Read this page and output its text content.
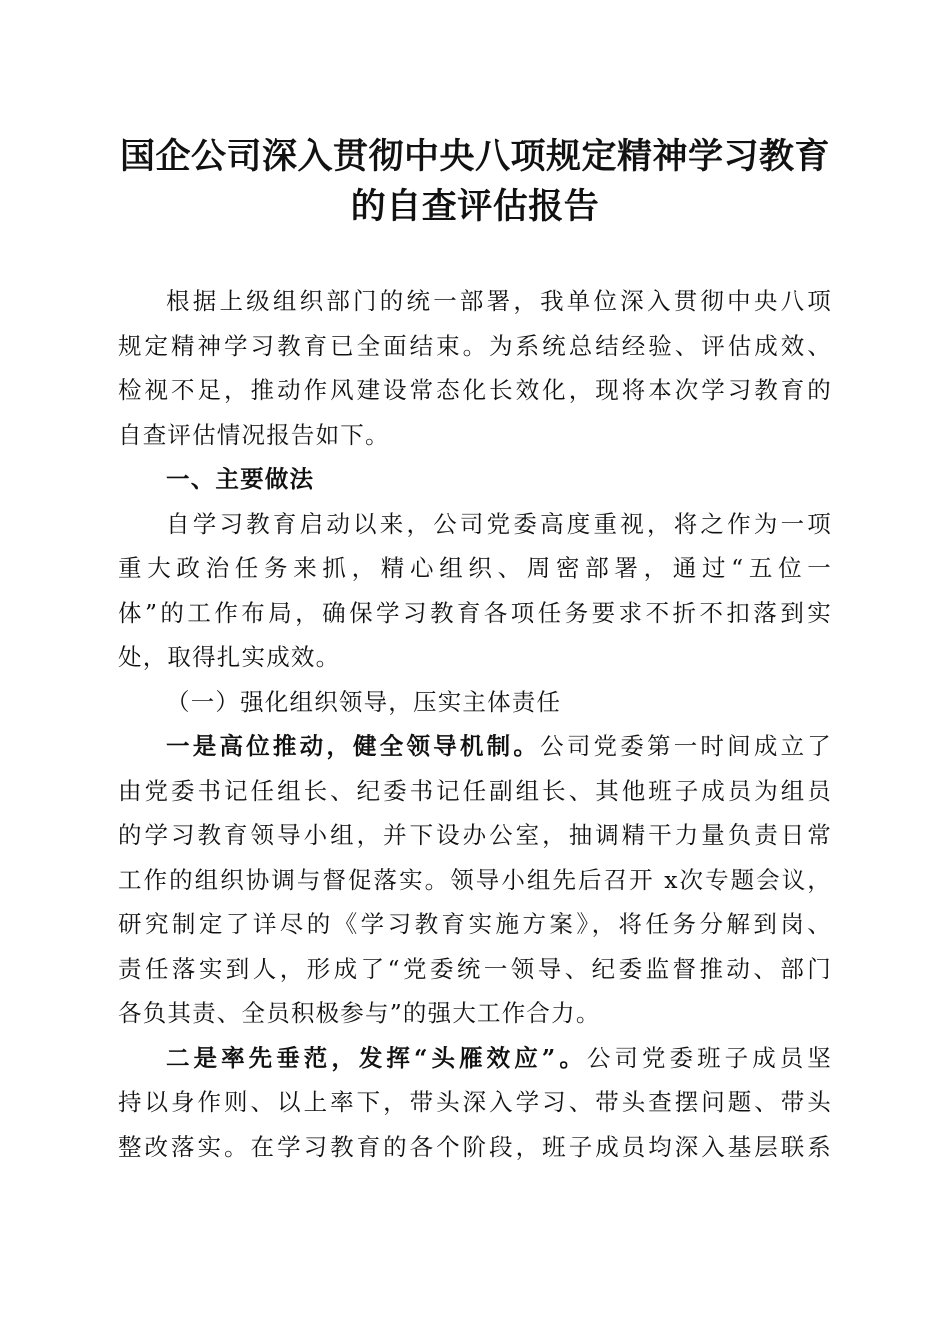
国企公司深入贯彻中央八项规定精神学习教育
的自查评估报告

根据上级组织部门的统一部署，我单位深入贯彻中央八项
规定精神学习教育已全面结束。为系统总结经验、评估成效、
检视不足，推动作风建设常态化长效化，现将本次学习教育的
自查评估情况报告如下。

一、主要做法

自学习教育启动以来，公司党委高度重视，将之作为一项
重大政治任务来抓，精心组织、周密部署，通过“五位一
体”的工作布局，确保学习教育各项任务要求不折不扣落到实
处，取得扎实成效。

（一）强化组织领导，压实主体责任

一是高位推动，健全领导机制。公司党委第一时间成立了
由党委书记任组长、纪委书记任副组长、其他班子成员为组员
的学习教育领导小组，并下设办公室，抽调精干力量负责日常
工作的组织协调与督促落实。领导小组先后召开 x次专题会议，
研究制定了详尽的《学习教育实施方案》，将任务分解到岗、
责任落实到人，形成了“党委统一领导、纪委监督推动、部门
各负其责、全员积极参与”的强大工作合力。

二是率先垂范，发挥“头雁效应”。公司党委班子成员坚
持以身作则、以上率下，带头深入学习、带头查摆问题、带头
整改落实。在学习教育的各个阶段，班子成员均深入基层联系
